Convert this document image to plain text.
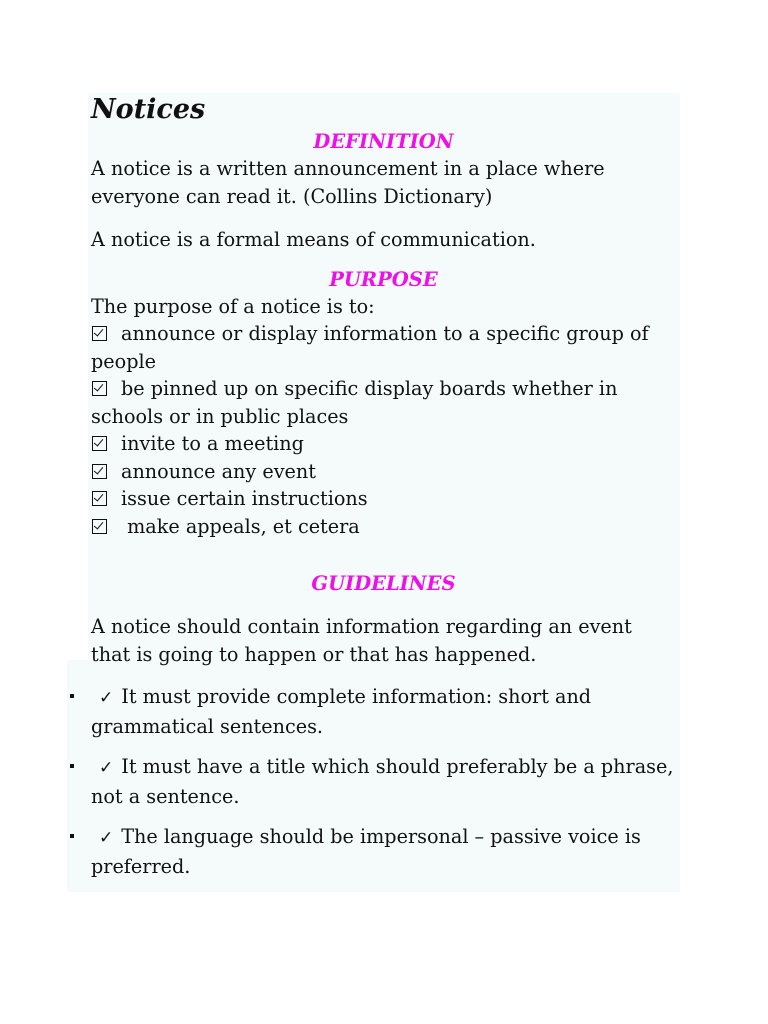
Notices
DEFINITION

A notice is a written announcement in a place where everyone can read it. (Collins Dictionary)

A notice is a formal means of communication.

PURPOSE

The purpose of a notice is to:

announce or display information to a specific group of people
be pinned up on specific display boards whether in schools or in public places
invite to a meeting
announce any event
issue certain instructions
make appeals, et cetera
GUIDELINES

A notice should contain information regarding an event that is going to happen or that has happened.

✓ It must provide complete information: short and grammatical sentences.
✓ It must have a title which should preferably be a phrase, not a sentence.
✓ The language should be impersonal – passive voice is preferred.
